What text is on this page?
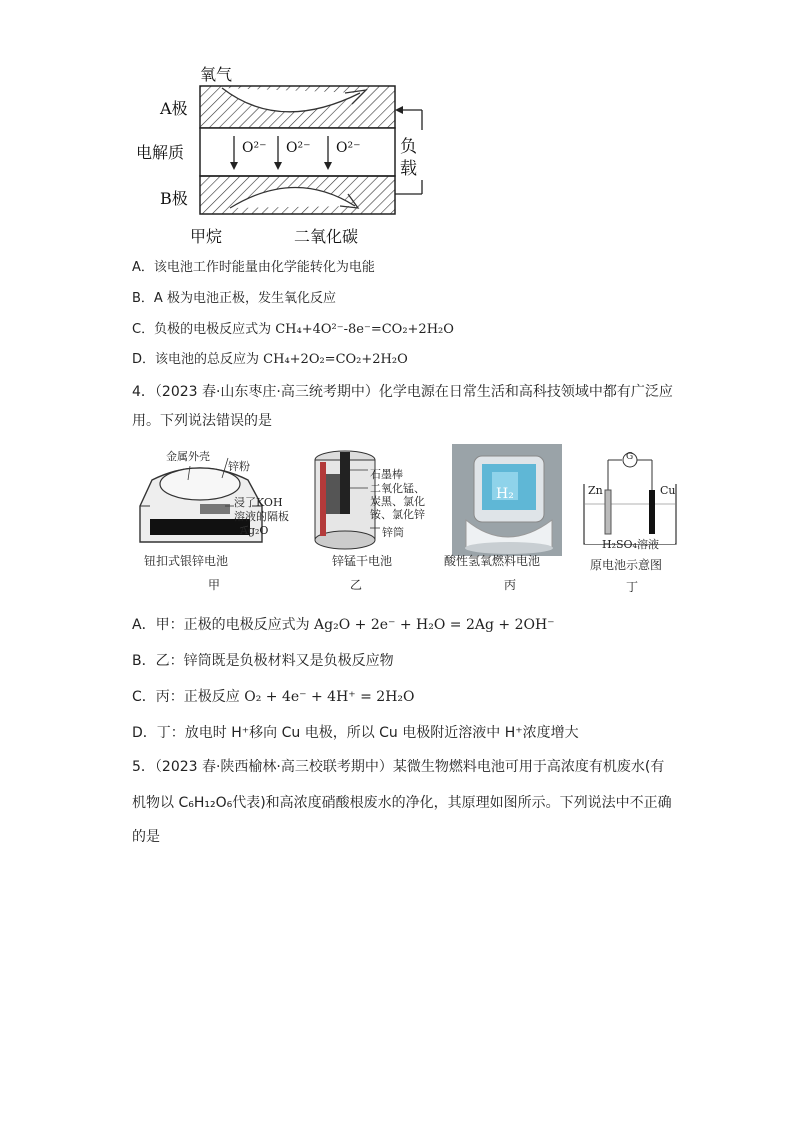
氧气
A极
电解质
B极
O²⁻ O²⁻ O²⁻ 负
载
甲烷	二氧化碳
A．该电池工作时能量由化学能转化为电能
B．A 极为电池正极，发生氧化反应
C．负极的电极反应式为 CH₄+4O²⁻-8e⁻=CO₂+2H₂O
D．该电池的总反应为 CH₄+2O₂=CO₂+2H₂O
4．（2023 春·山东枣庄·高三统考期中）化学电源在日常生活和高科技领域中都有广泛应
用。下列说法错误的是
金属外壳
锌粉
浸了KOH
溶液的隔板
Ag₂O
钮扣式银锌电池
甲
石墨棒
二氧化锰、
炭黑、氯化
铵、氯化锌
锌筒
锌锰干电池
乙
H₂
酸性氢氧燃料电池
丙
G
Zn	Cu
H₂SO₄溶液
原电池示意图
丁
A．甲：正极的电极反应式为 Ag₂O + 2e⁻ + H₂O = 2Ag + 2OH⁻
B．乙：锌筒既是负极材料又是负极反应物
C．丙：正极反应 O₂ + 4e⁻ + 4H⁺ = 2H₂O
D．丁：放电时 H⁺移向 Cu 电极，所以 Cu 电极附近溶液中 H⁺浓度增大
5．（2023 春·陕西榆林·高三校联考期中）某微生物燃料电池可用于高浓度有机废水(有
机物以 C₆H₁₂O₆代表)和高浓度硝酸根废水的净化，其原理如图所示。下列说法中不正确
的是
